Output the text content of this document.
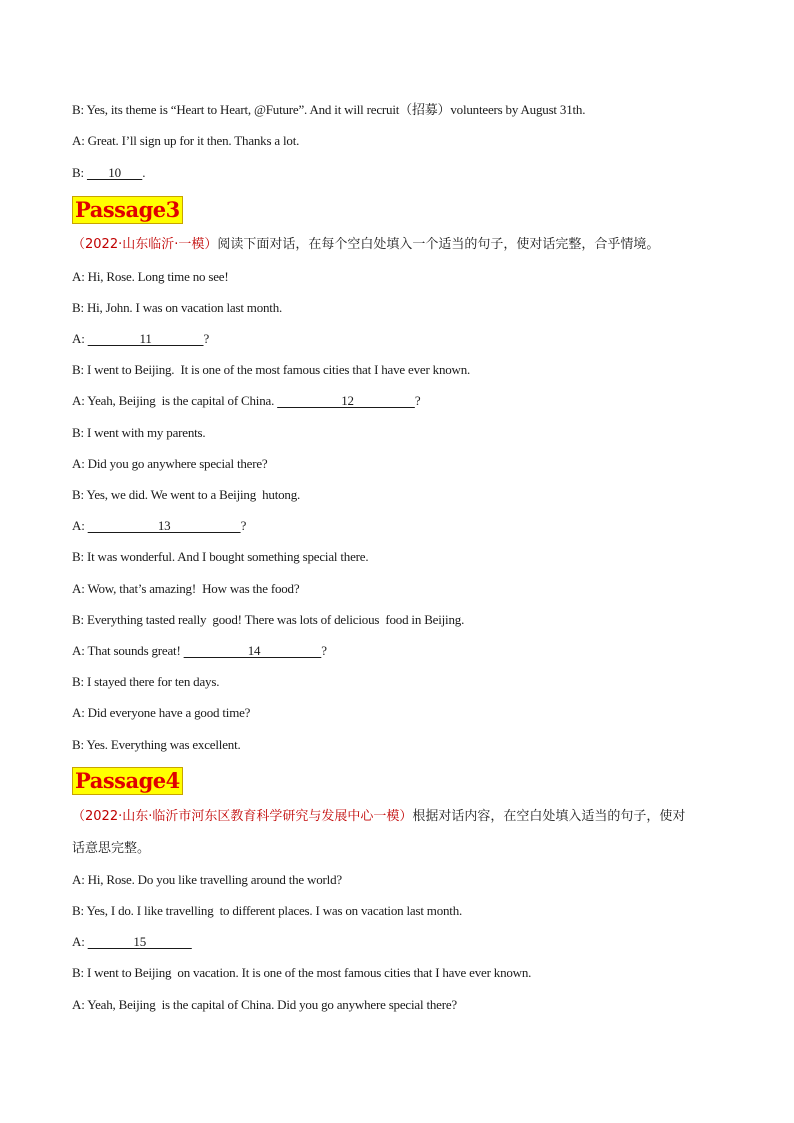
B: Yes, its theme is “Heart to Heart, @Future”. And it will recruit（招募）volunteers by August 31th.
A: Great. I’ll sign up for it then. Thanks a lot.
B:        10       .
Passage3
（2022·山东临沂·一模）阅读下面对话，在每个空白处填入一个适当的句子，使对话完整，合乎情境。
A: Hi, Rose. Long time no see!
B: Hi, John. I was on vacation last month.
A:                  11                 ?
B: I went to Beijing.  It is one of the most famous cities that I have ever known.
A: Yeah, Beijing  is the capital of China.                      12                    ?
B: I went with my parents.
A: Did you go anywhere special there?
B: Yes, we did. We went to a Beijing  hutong.
A:                        13                       ?
B: It was wonderful. And I bought something special there.
A: Wow, that’s amazing!  How was the food?
B: Everything tasted really  good! There was lots of delicious  food in Beijing.
A: That sounds great!                      14                    ?
B: I stayed there for ten days.
A: Did everyone have a good time?
B: Yes. Everything was excellent.
Passage4
（2022·山东·临沂市河东区教育科学研究与发展中心一模）根据对话内容，在空白处填入适当的句子，使对
话意思完整。
A: Hi, Rose. Do you like travelling around the world?
B: Yes, I do. I like travelling  to different places. I was on vacation last month.
A:                15
B: I went to Beijing  on vacation. It is one of the most famous cities that I have ever known.
A: Yeah, Beijing  is the capital of China. Did you go anywhere special there?
